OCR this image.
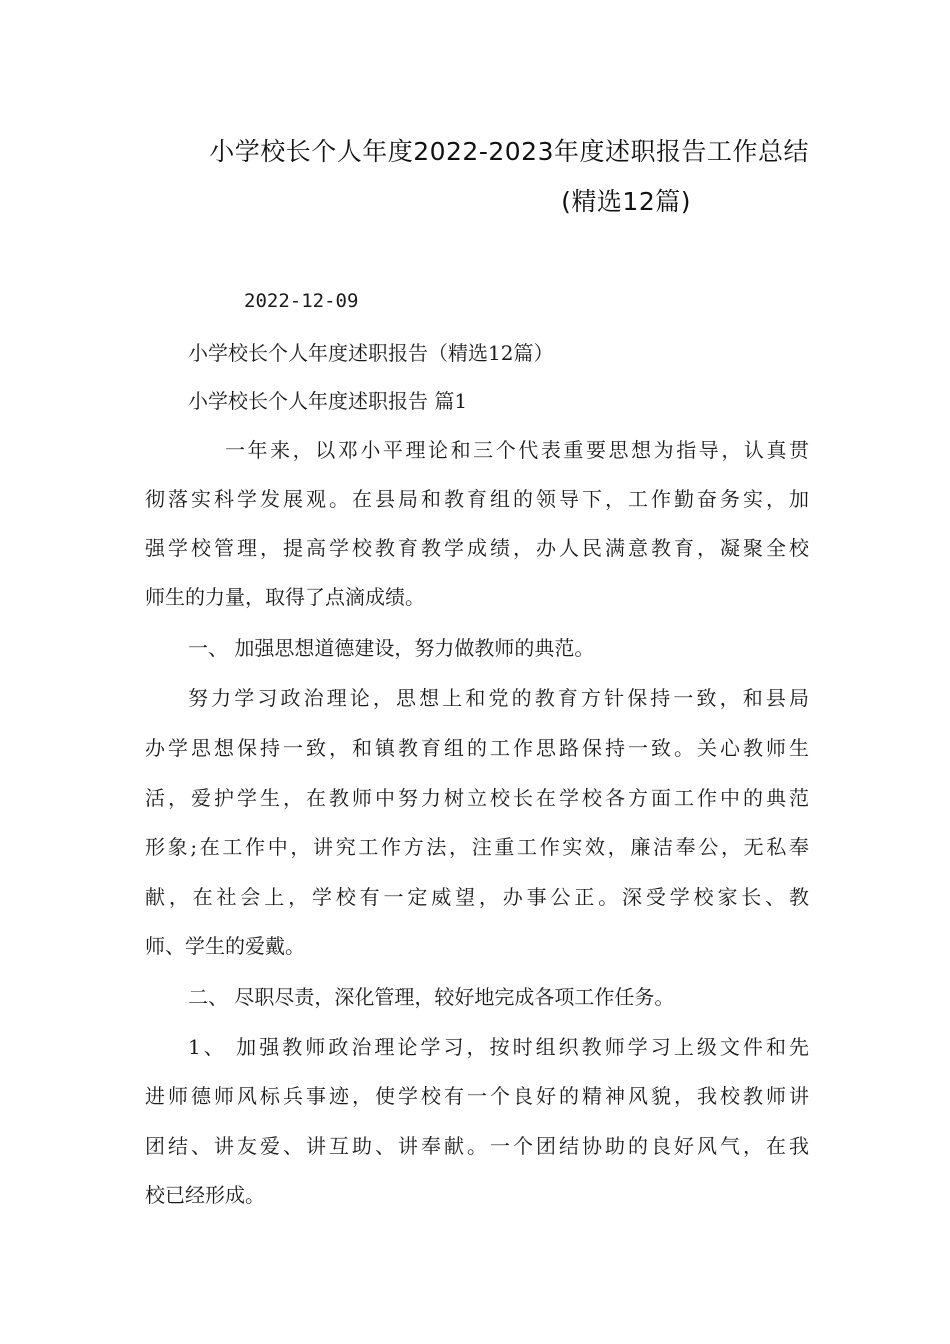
小学校长个人年度2022-2023年度述职报告工作总结
(精选12篇)
2022-12-09
小学校长个人年度述职报告（精选12篇）
小学校长个人年度述职报告 篇1
一年来，以邓小平理论和三个代表重要思想为指导，认真贯
彻落实科学发展观。在县局和教育组的领导下，工作勤奋务实，加
强学校管理，提高学校教育教学成绩，办人民满意教育，凝聚全校
师生的力量，取得了点滴成绩。
一、 加强思想道德建设，努力做教师的典范。
努力学习政治理论，思想上和党的教育方针保持一致，和县局
办学思想保持一致，和镇教育组的工作思路保持一致。关心教师生
活，爱护学生，在教师中努力树立校长在学校各方面工作中的典范
形象;在工作中，讲究工作方法，注重工作实效，廉洁奉公，无私奉
献，在社会上，学校有一定威望，办事公正。深受学校家长、教
师、学生的爱戴。
二、 尽职尽责，深化管理，较好地完成各项工作任务。
1、 加强教师政治理论学习，按时组织教师学习上级文件和先
进师德师风标兵事迹，使学校有一个良好的精神风貌，我校教师讲
团结、讲友爱、讲互助、讲奉献。一个团结协助的良好风气，在我
校已经形成。
